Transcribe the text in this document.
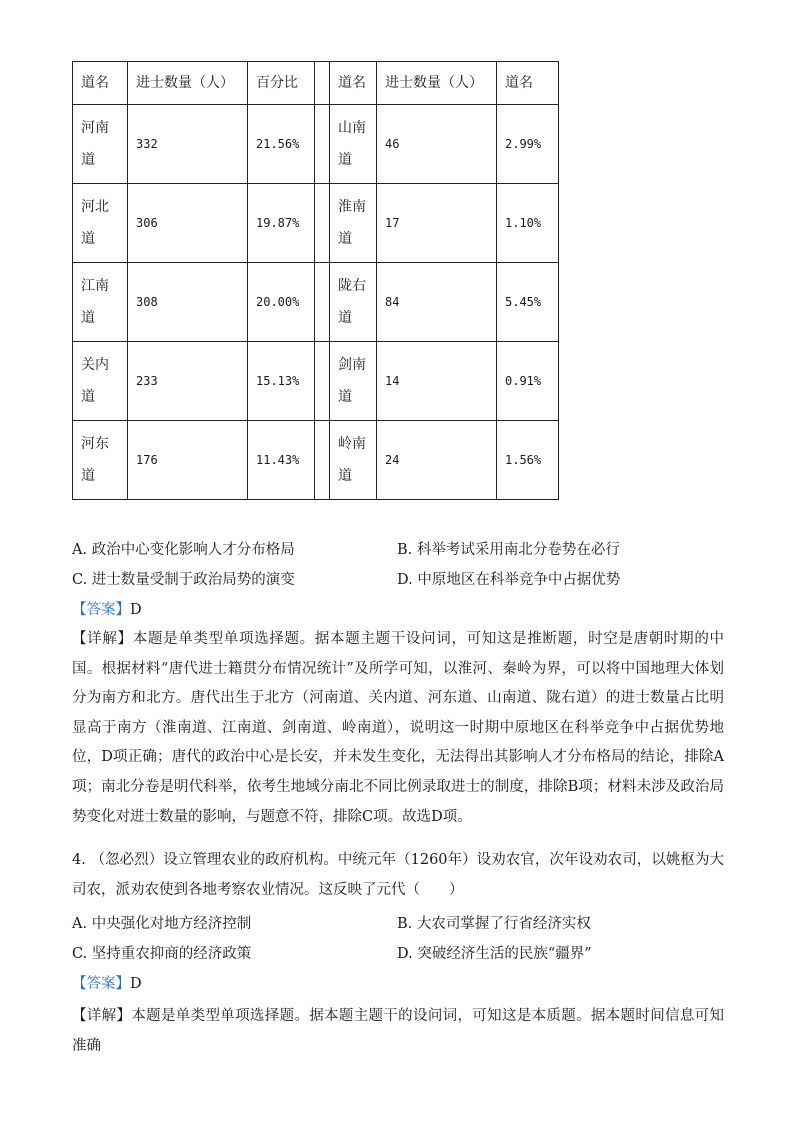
道名	进士数量（人）	百分比		道名	进士数量（人）	道名
河南道	332	21.56%		山南道	46	2.99%
河北道	306	19.87%		淮南道	17	1.10%
江南道	308	20.00%		陇右道	84	5.45%
关内道	233	15.13%		剑南道	14	0.91%
河东道	176	11.43%		岭南道	24	1.56%
A. 政治中心变化影响人才分布格局	B. 科举考试采用南北分卷势在必行
C. 进士数量受制于政治局势的演变	D. 中原地区在科举竞争中占据优势
【答案】D
【详解】本题是单类型单项选择题。据本题主题干设问词，可知这是推断题，时空是唐朝时期的中国。根据材料“唐代进士籍贯分布情况统计”及所学可知，以淮河、秦岭为界，可以将中国地理大体划分为南方和北方。唐代出生于北方（河南道、关内道、河东道、山南道、陇右道）的进士数量占比明显高于南方（淮南道、江南道、剑南道、岭南道），说明这一时期中原地区在科举竞争中占据优势地位，D项正确；唐代的政治中心是长安，并未发生变化，无法得出其影响人才分布格局的结论，排除A项；南北分卷是明代科举，依考生地域分南北不同比例录取进士的制度，排除B项；材料未涉及政治局势变化对进士数量的影响，与题意不符，排除C项。故选D项。
4. （忽必烈）设立管理农业的政府机构。中统元年（1260年）设劝农官，次年设劝农司，以姚枢为大司农，派劝农使到各地考察农业情况。这反映了元代（　　）
A. 中央强化对地方经济控制	B. 大农司掌握了行省经济实权
C. 坚持重农抑商的经济政策	D. 突破经济生活的民族“疆界”
【答案】D
【详解】本题是单类型单项选择题。据本题主题干的设问词，可知这是本质题。据本题时间信息可知准确
